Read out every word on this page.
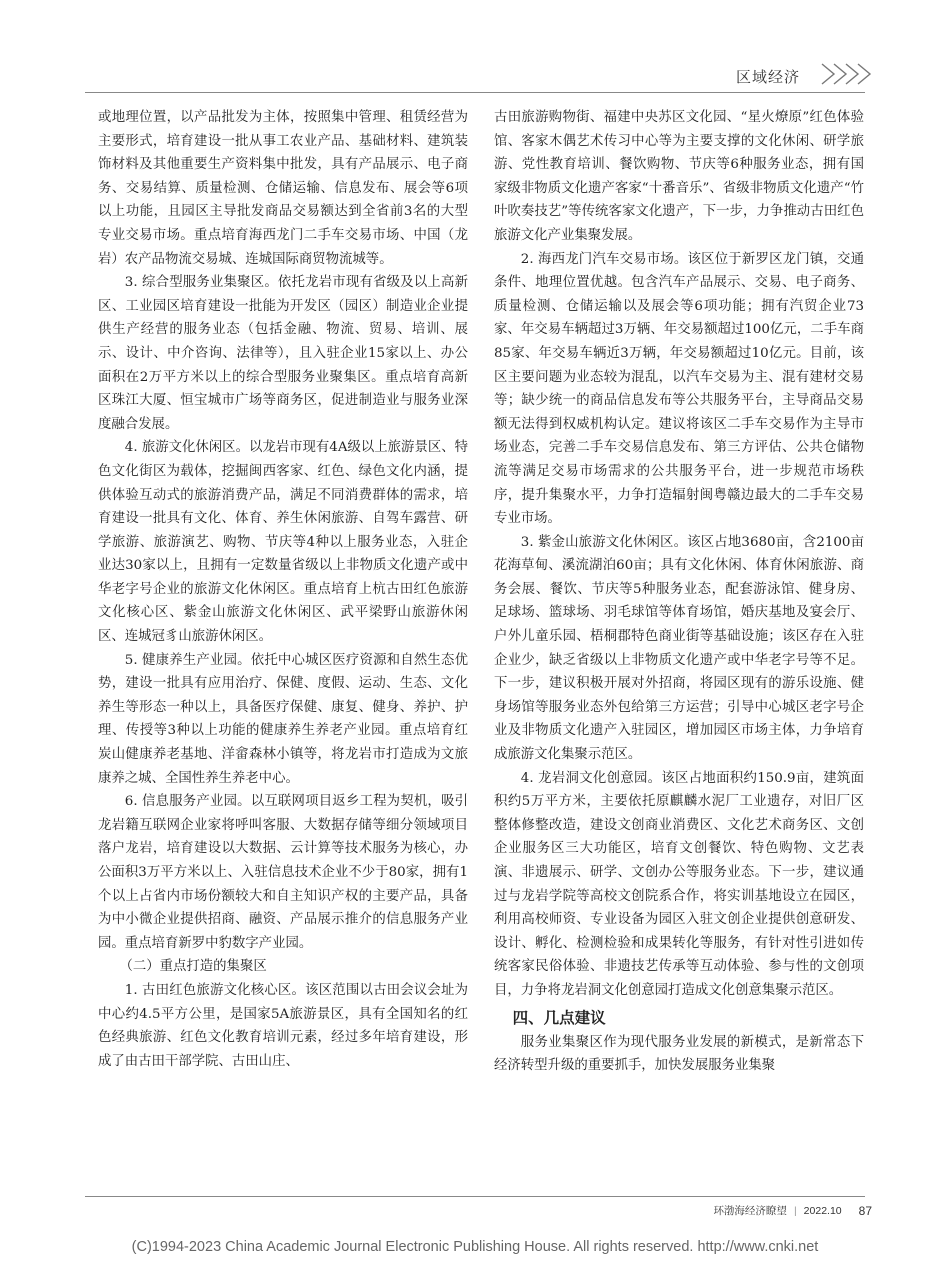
区域经济

或地理位置，以产品批发为主体，按照集中管理、租赁经营为主要形式，培育建设一批从事工农业产品、基础材料、建筑装饰材料及其他重要生产资料集中批发，具有产品展示、电子商务、交易结算、质量检测、仓储运输、信息发布、展会等6项以上功能，且园区主导批发商品交易额达到全省前3名的大型专业交易市场。重点培育海西龙门二手车交易市场、中国（龙岩）农产品物流交易城、连城国际商贸物流城等。

3. 综合型服务业集聚区。依托龙岩市现有省级及以上高新区、工业园区培育建设一批能为开发区（园区）制造业企业提供生产经营的服务业态（包括金融、物流、贸易、培训、展示、设计、中介咨询、法律等），且入驻企业15家以上、办公面积在2万平方米以上的综合型服务业聚集区。重点培育高新区珠江大厦、恒宝城市广场等商务区，促进制造业与服务业深度融合发展。

4. 旅游文化休闲区。以龙岩市现有4A级以上旅游景区、特色文化街区为载体，挖掘闽西客家、红色、绿色文化内涵，提供体验互动式的旅游消费产品，满足不同消费群体的需求，培育建设一批具有文化、体育、养生休闲旅游、自驾车露营、研学旅游、旅游演艺、购物、节庆等4种以上服务业态，入驻企业达30家以上，且拥有一定数量省级以上非物质文化遗产或中华老字号企业的旅游文化休闲区。重点培育上杭古田红色旅游文化核心区、紫金山旅游文化休闲区、武平梁野山旅游休闲区、连城冠豸山旅游休闲区。

5. 健康养生产业园。依托中心城区医疗资源和自然生态优势，建设一批具有应用治疗、保健、度假、运动、生态、文化养生等形态一种以上，具备医疗保健、康复、健身、养护、护理、传授等3种以上功能的健康养生养老产业园。重点培育红炭山健康养老基地、洋畲森林小镇等，将龙岩市打造成为文旅康养之城、全国性养生养老中心。

6. 信息服务产业园。以互联网项目返乡工程为契机，吸引龙岩籍互联网企业家将呼叫客服、大数据存储等细分领域项目落户龙岩，培育建设以大数据、云计算等技术服务为核心，办公面积3万平方米以上、入驻信息技术企业不少于80家，拥有1个以上占省内市场份额较大和自主知识产权的主要产品，具备为中小微企业提供招商、融资、产品展示推介的信息服务产业园。重点培育新罗中豹数字产业园。

（二）重点打造的集聚区

1. 古田红色旅游文化核心区。该区范围以古田会议会址为中心约4.5平方公里，是国家5A旅游景区，具有全国知名的红色经典旅游、红色文化教育培训元素，经过多年培育建设，形成了由古田干部学院、古田山庄、

古田旅游购物街、福建中央苏区文化园、“星火燎原”红色体验馆、客家木偶艺术传习中心等为主要支撑的文化休闲、研学旅游、党性教育培训、餐饮购物、节庆等6种服务业态，拥有国家级非物质文化遗产客家“十番音乐”、省级非物质文化遗产“竹叶吹奏技艺”等传统客家文化遗产，下一步，力争推动古田红色旅游文化产业集聚发展。

2. 海西龙门汽车交易市场。该区位于新罗区龙门镇，交通条件、地理位置优越。包含汽车产品展示、交易、电子商务、质量检测、仓储运输以及展会等6项功能；拥有汽贸企业73家、年交易车辆超过3万辆、年交易额超过100亿元，二手车商85家、年交易车辆近3万辆，年交易额超过10亿元。目前，该区主要问题为业态较为混乱，以汽车交易为主、混有建材交易等；缺少统一的商品信息发布等公共服务平台，主导商品交易额无法得到权威机构认定。建议将该区二手车交易作为主导市场业态，完善二手车交易信息发布、第三方评估、公共仓储物流等满足交易市场需求的公共服务平台，进一步规范市场秩序，提升集聚水平，力争打造辐射闽粤赣边最大的二手车交易专业市场。

3. 紫金山旅游文化休闲区。该区占地3680亩，含2100亩花海草甸、溪流湖泊60亩；具有文化休闲、体育休闲旅游、商务会展、餐饮、节庆等5种服务业态，配套游泳馆、健身房、足球场、篮球场、羽毛球馆等体育场馆，婚庆基地及宴会厅、户外儿童乐园、梧桐郡特色商业街等基础设施；该区存在入驻企业少，缺乏省级以上非物质文化遗产或中华老字号等不足。下一步，建议积极开展对外招商，将园区现有的游乐设施、健身场馆等服务业态外包给第三方运营；引导中心城区老字号企业及非物质文化遗产入驻园区，增加园区市场主体，力争培育成旅游文化集聚示范区。

4. 龙岩洞文化创意园。该区占地面积约150.9亩，建筑面积约5万平方米，主要依托原麒麟水泥厂工业遗存，对旧厂区整体修整改造，建设文创商业消费区、文化艺术商务区、文创企业服务区三大功能区，培育文创餐饮、特色购物、文艺表演、非遗展示、研学、文创办公等服务业态。下一步，建议通过与龙岩学院等高校文创院系合作，将实训基地设立在园区，利用高校师资、专业设备为园区入驻文创企业提供创意研发、设计、孵化、检测检验和成果转化等服务，有针对性引进如传统客家民俗体验、非遗技艺传承等互动体验、参与性的文创项目，力争将龙岩洞文化创意园打造成文化创意集聚示范区。

四、几点建议

服务业集聚区作为现代服务业发展的新模式，是新常态下经济转型升级的重要抓手，加快发展服务业集聚

环渤海经济瞭望 | 2022.10 87
(C)1994-2023 China Academic Journal Electronic Publishing House. All rights reserved. http://www.cnki.net
